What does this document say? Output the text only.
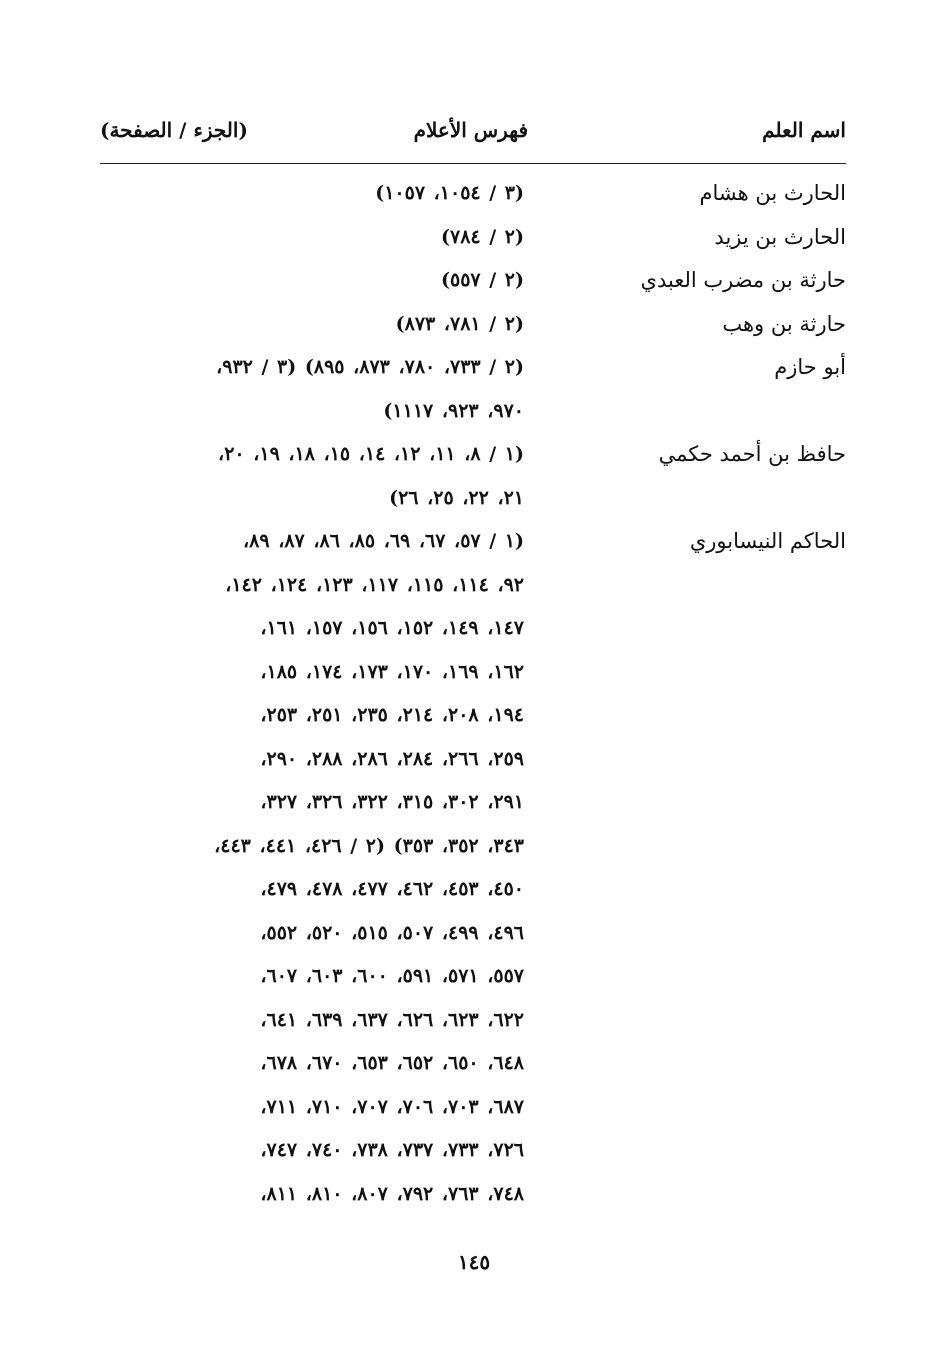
اسم العلم
فهرس الأعلام
(الجزء / الصفحة)
الحارث بن هشام
(٣ / ١٠٥٤، ١٠٥٧)
الحارث بن يزيد
(٢ / ٧٨٤)
حارثة بن مضرب العبدي
(٢ / ٥٥٧)
حارثة بن وهب
(٢ / ٧٨١، ٨٧٣)
أبو حازم
(٢ / ٧٣٣، ٧٨٠، ٨٧٣، ٨٩٥) (٣ / ٩٣٢،
٩٧٠، ٩٢٣، ١١١٧)
حافظ بن أحمد حكمي
(١ / ٨، ١١، ١٢، ١٤، ١٥، ١٨، ١٩، ٢٠،
٢١، ٢٢، ٢٥، ٢٦)
الحاكم النيسابوري
(١ / ٥٧، ٦٧، ٦٩، ٨٥، ٨٦، ٨٧، ٨٩،
٩٢، ١١٤، ١١٥، ١١٧، ١٢٣، ١٢٤، ١٤٢،
١٤٧، ١٤٩، ١٥٢، ١٥٦، ١٥٧، ١٦١،
١٦٢، ١٦٩، ١٧٠، ١٧٣، ١٧٤، ١٨٥،
١٩٤، ٢٠٨، ٢١٤، ٢٣٥، ٢٥١، ٢٥٣،
٢٥٩، ٢٦٦، ٢٨٤، ٢٨٦، ٢٨٨، ٢٩٠،
٢٩١، ٣٠٢، ٣١٥، ٣٢٢، ٣٢٦، ٣٢٧،
٣٤٣، ٣٥٢، ٣٥٣) (٢ / ٤٢٦، ٤٤١، ٤٤٣،
٤٥٠، ٤٥٣، ٤٦٢، ٤٧٧، ٤٧٨، ٤٧٩،
٤٩٦، ٤٩٩، ٥٠٧، ٥١٥، ٥٢٠، ٥٥٢،
٥٥٧، ٥٧١، ٥٩١، ٦٠٠، ٦٠٣، ٦٠٧،
٦٢٢، ٦٢٣، ٦٢٦، ٦٣٧، ٦٣٩، ٦٤١،
٦٤٨، ٦٥٠، ٦٥٢، ٦٥٣، ٦٧٠، ٦٧٨،
٦٨٧، ٧٠٣، ٧٠٦، ٧٠٧، ٧١٠، ٧١١،
٧٢٦، ٧٣٣، ٧٣٧، ٧٣٨، ٧٤٠، ٧٤٧،
٧٤٨، ٧٦٣، ٧٩٢، ٨٠٧، ٨١٠، ٨١١،
١٤٥
